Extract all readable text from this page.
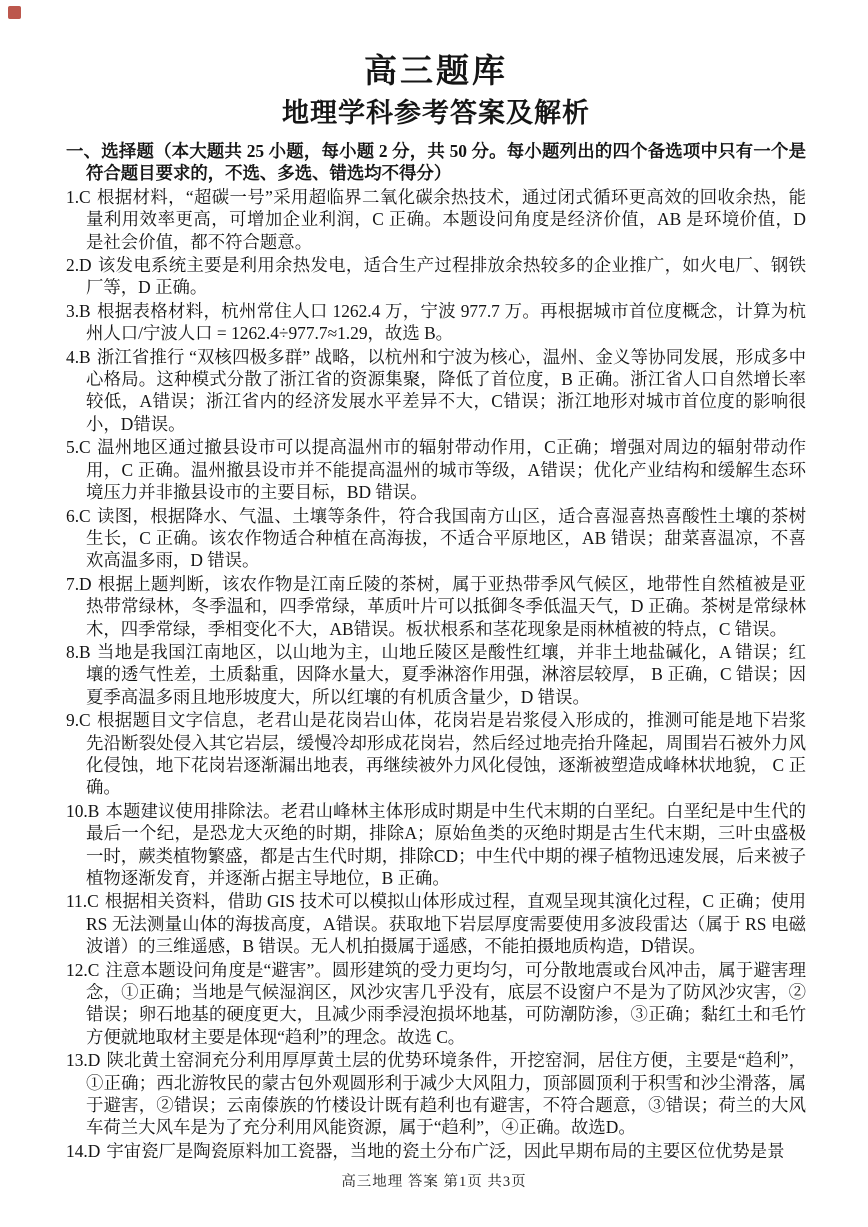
高三题库
地理学科参考答案及解析

一、选择题（本大题共 25 小题，每小题 2 分，共 50 分。每小题列出的四个备选项中只有一个是符合题目要求的，不选、多选、错选均不得分）

1.C 根据材料，“超碳一号”采用超临界二氧化碳余热技术，通过闭式循环更高效的回收余热，能量利用效率更高，可增加企业利润，C 正确。本题设问角度是经济价值，AB 是环境价值，D 是社会价值，都不符合题意。

2.D 该发电系统主要是利用余热发电，适合生产过程排放余热较多的企业推广，如火电厂、钢铁厂等，D 正确。

3.B 根据表格材料，杭州常住人口 1262.4 万，宁波 977.7 万。再根据城市首位度概念，计算为杭州人口/宁波人口 = 1262.4÷977.7≈1.29，故选 B。

4.B 浙江省推行 “双核四极多群” 战略，以杭州和宁波为核心，温州、金义等协同发展，形成多中心格局。这种模式分散了浙江省的资源集聚，降低了首位度，B 正确。浙江省人口自然增长率较低，A错误；浙江省内的经济发展水平差异不大，C错误；浙江地形对城市首位度的影响很小，D错误。

5.C 温州地区通过撤县设市可以提高温州市的辐射带动作用，C正确；增强对周边的辐射带动作用，C 正确。温州撤县设市并不能提高温州的城市等级，A错误；优化产业结构和缓解生态环境压力并非撤县设市的主要目标，BD 错误。

6.C 读图，根据降水、气温、土壤等条件，符合我国南方山区，适合喜湿喜热喜酸性土壤的茶树生长，C 正确。该农作物适合种植在高海拔，不适合平原地区，AB 错误；甜菜喜温凉，不喜欢高温多雨，D 错误。

7.D 根据上题判断，该农作物是江南丘陵的茶树，属于亚热带季风气候区，地带性自然植被是亚热带常绿林，冬季温和，四季常绿，革质叶片可以抵御冬季低温天气，D 正确。茶树是常绿林木，四季常绿，季相变化不大，AB错误。板状根系和茎花现象是雨林植被的特点，C 错误。

8.B 当地是我国江南地区，以山地为主，山地丘陵区是酸性红壤，并非土地盐碱化，A 错误；红壤的透气性差，土质黏重，因降水量大，夏季淋溶作用强，淋溶层较厚， B 正确，C 错误；因夏季高温多雨且地形坡度大，所以红壤的有机质含量少，D 错误。

9.C 根据题目文字信息，老君山是花岗岩山体，花岗岩是岩浆侵入形成的，推测可能是地下岩浆先沿断裂处侵入其它岩层，缓慢冷却形成花岗岩，然后经过地壳抬升隆起，周围岩石被外力风化侵蚀，地下花岗岩逐渐漏出地表，再继续被外力风化侵蚀，逐渐被塑造成峰林状地貌， C 正确。

10.B 本题建议使用排除法。老君山峰林主体形成时期是中生代末期的白垩纪。白垩纪是中生代的最后一个纪，是恐龙大灭绝的时期，排除A；原始鱼类的灭绝时期是古生代末期，三叶虫盛极一时，蕨类植物繁盛，都是古生代时期，排除CD；中生代中期的裸子植物迅速发展，后来被子植物逐渐发育，并逐渐占据主导地位，B 正确。

11.C 根据相关资料，借助 GIS 技术可以模拟山体形成过程，直观呈现其演化过程，C 正确；使用RS 无法测量山体的海拔高度，A错误。获取地下岩层厚度需要使用多波段雷达（属于 RS 电磁波谱）的三维遥感，B 错误。无人机拍摄属于遥感，不能拍摄地质构造，D错误。

12.C 注意本题设问角度是“避害”。圆形建筑的受力更均匀，可分散地震或台风冲击，属于避害理念，①正确；当地是气候湿润区，风沙灾害几乎没有，底层不设窗户不是为了防风沙灾害，②错误；卵石地基的硬度更大，且减少雨季浸泡损坏地基，可防潮防渗，③正确；黏红土和毛竹方便就地取材主要是体现“趋利”的理念。故选 C。

13.D 陕北黄土窑洞充分利用厚厚黄土层的优势环境条件，开挖窑洞，居住方便，主要是“趋利”，①正确；西北游牧民的蒙古包外观圆形利于减少大风阻力，顶部圆顶利于积雪和沙尘滑落，属于避害，②错误；云南傣族的竹楼设计既有趋利也有避害，不符合题意，③错误；荷兰的大风车荷兰大风车是为了充分利用风能资源，属于“趋利”，④正确。故选D。

14.D 宇宙瓷厂是陶瓷原料加工瓷器，当地的瓷土分布广泛，因此早期布局的主要区位优势是景

高三地理 答案 第1页 共3页
